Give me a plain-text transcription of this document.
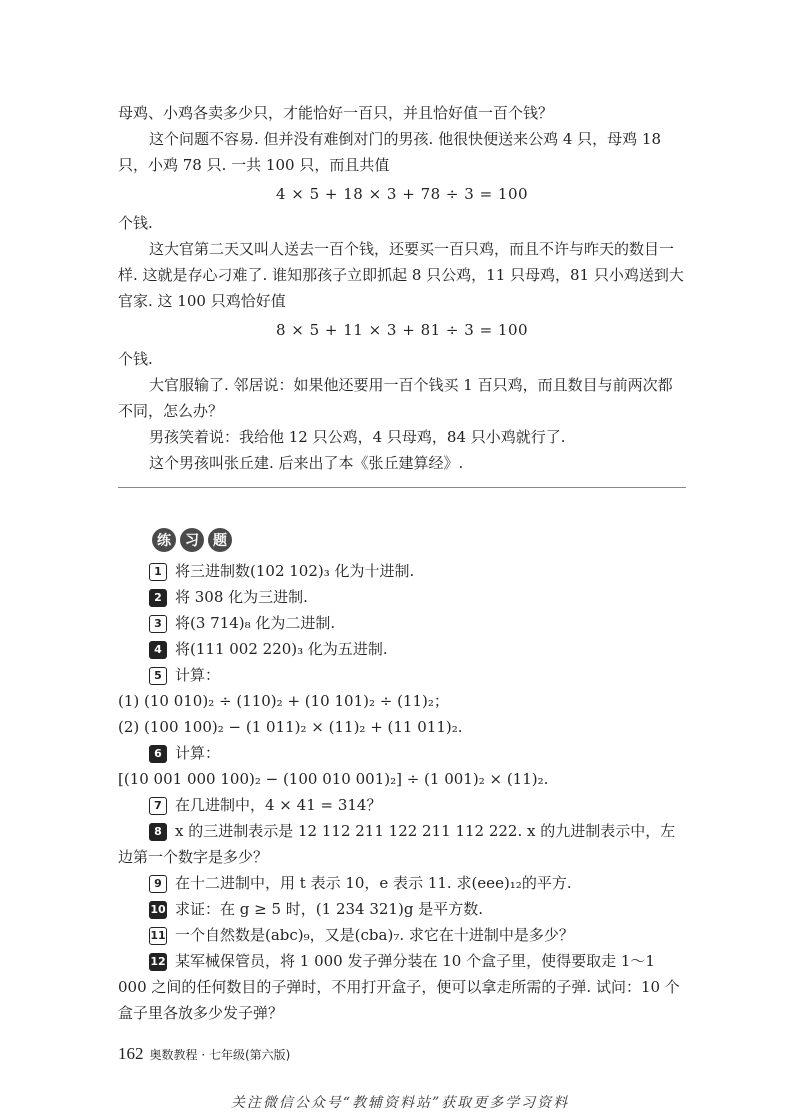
母鸡、小鸡各卖多少只，才能恰好一百只，并且恰好值一百个钱？

这个问题不容易. 但并没有难倒对门的男孩. 他很快便送来公鸡 4 只，母鸡 18 只，小鸡 78 只. 一共 100 只，而且共值

4 × 5 + 18 × 3 + 78 ÷ 3 = 100

个钱.

这大官第二天又叫人送去一百个钱，还要买一百只鸡，而且不许与昨天的数目一样. 这就是存心刁难了. 谁知那孩子立即抓起 8 只公鸡，11 只母鸡，81 只小鸡送到大官家. 这 100 只鸡恰好值

8 × 5 + 11 × 3 + 81 ÷ 3 = 100

个钱.

大官服输了. 邻居说：如果他还要用一百个钱买 1 百只鸡，而且数目与前两次都不同，怎么办？

男孩笑着说：我给他 12 只公鸡，4 只母鸡，84 只小鸡就行了.

这个男孩叫张丘建. 后来出了本《张丘建算经》.

练	习	题

1 将三进制数(102 102)₃ 化为十进制.

2 将 308 化为三进制.

3 将(3 714)₈ 化为二进制.

4 将(111 002 220)₃ 化为五进制.

5 计算：

(1) (10 010)₂ ÷ (110)₂ + (10 101)₂ ÷ (11)₂；

(2) (100 100)₂ − (1 011)₂ × (11)₂ + (11 011)₂.

6 计算：

[(10 001 000 100)₂ − (100 010 001)₂] ÷ (1 001)₂ × (11)₂.

7 在几进制中，4 × 41 = 314？

8 x 的三进制表示是 12 112 211 122 211 112 222. x 的九进制表示中，左边第一个数字是多少？

9 在十二进制中，用 t 表示 10，e 表示 11. 求(eee)₁₂的平方.

10 求证：在 g ≥ 5 时，(1 234 321)g 是平方数.

11 一个自然数是(abc)₉，又是(cba)₇. 求它在十进制中是多少？

12 某军械保管员，将 1 000 发子弹分装在 10 个盒子里，使得要取走 1～1 000 之间的任何数目的子弹时，不用打开盒子，便可以拿走所需的子弹. 试问：10 个盒子里各放多少发子弹？

162 奥数教程 · 七年级(第六版)
关注微信公众号“教辅资料站”获取更多学习资料
